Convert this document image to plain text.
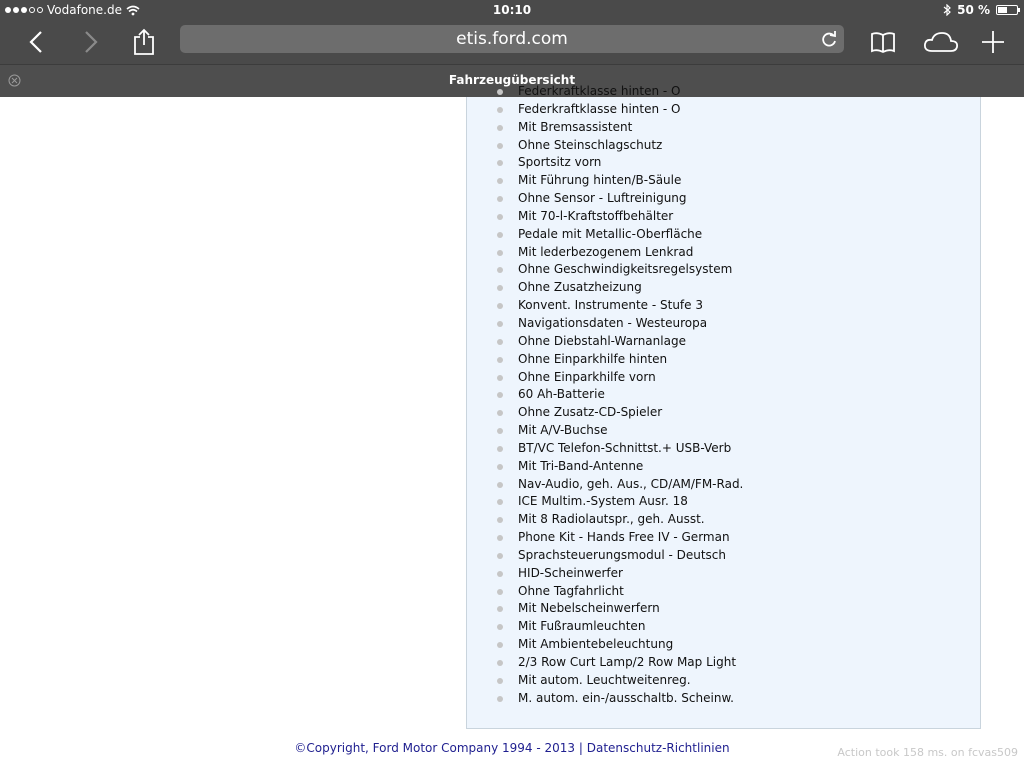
Vodafone.de	10:10	50 %
etis.ford.com
Fahrzeugübersicht
Federkraftklasse hinten - O
Federkraftklasse hinten - O
Mit Bremsassistent
Ohne Steinschlagschutz
Sportsitz vorn
Mit Führung hinten/B-Säule
Ohne Sensor - Luftreinigung
Mit 70-l-Kraftstoffbehälter
Pedale mit Metallic-Oberfläche
Mit lederbezogenem Lenkrad
Ohne Geschwindigkeitsregelsystem
Ohne Zusatzheizung
Konvent. Instrumente - Stufe 3
Navigationsdaten - Westeuropa
Ohne Diebstahl-Warnanlage
Ohne Einparkhilfe hinten
Ohne Einparkhilfe vorn
60 Ah-Batterie
Ohne Zusatz-CD-Spieler
Mit A/V-Buchse
BT/VC Telefon-Schnittst.+ USB-Verb
Mit Tri-Band-Antenne
Nav-Audio, geh. Aus., CD/AM/FM-Rad.
ICE Multim.-System Ausr. 18
Mit 8 Radiolautspr., geh. Ausst.
Phone Kit - Hands Free IV - German
Sprachsteuerungsmodul - Deutsch
HID-Scheinwerfer
Ohne Tagfahrlicht
Mit Nebelscheinwerfern
Mit Fußraumleuchten
Mit Ambientebeleuchtung
2/3 Row Curt Lamp/2 Row Map Light
Mit autom. Leuchtweitenreg.
M. autom. ein-/ausschaltb. Scheinw.
©Copyright, Ford Motor Company 1994 - 2013 | Datenschutz-Richtlinien	Action took 158 ms. on fcvas509
